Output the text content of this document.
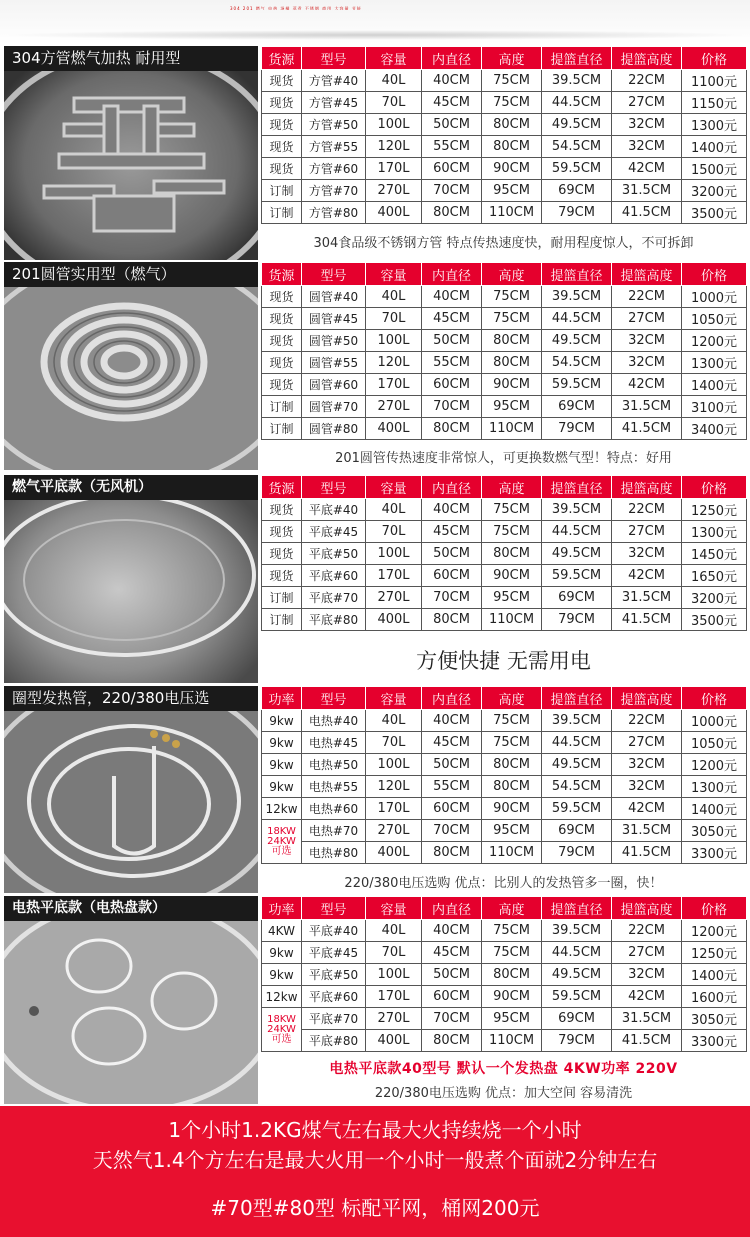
304 201 燃气 电热 汤桶 蒸煮 不锈钢 商用 大容量 节能
304方管燃气加热 耐用型	货源	型号	容量	内直径	高度	提篮直径	提篮高度	价格
现货	方管#40	40L	40CM	75CM	39.5CM	22CM	1100元
现货	方管#45	70L	45CM	75CM	44.5CM	27CM	1150元
现货	方管#50	100L	50CM	80CM	49.5CM	32CM	1300元
现货	方管#55	120L	55CM	80CM	54.5CM	32CM	1400元
现货	方管#60	170L	60CM	90CM	59.5CM	42CM	1500元
订制	方管#70	270L	70CM	95CM	69CM	31.5CM	3200元
订制	方管#80	400L	80CM	110CM	79CM	41.5CM	3500元
304食品级不锈钢方管 特点传热速度快，耐用程度惊人，不可拆卸
201圆管实用型（燃气）	货源	型号	容量	内直径	高度	提篮直径	提篮高度	价格
现货	圆管#40	40L	40CM	75CM	39.5CM	22CM	1000元
现货	圆管#45	70L	45CM	75CM	44.5CM	27CM	1050元
现货	圆管#50	100L	50CM	80CM	49.5CM	32CM	1200元
现货	圆管#55	120L	55CM	80CM	54.5CM	32CM	1300元
现货	圆管#60	170L	60CM	90CM	59.5CM	42CM	1400元
订制	圆管#70	270L	70CM	95CM	69CM	31.5CM	3100元
订制	圆管#80	400L	80CM	110CM	79CM	41.5CM	3400元
201圆管传热速度非常惊人，可更换数燃气型！特点：好用
燃气平底款（无风机）	货源	型号	容量	内直径	高度	提篮直径	提篮高度	价格
现货	平底#40	40L	40CM	75CM	39.5CM	22CM	1250元
现货	平底#45	70L	45CM	75CM	44.5CM	27CM	1300元
现货	平底#50	100L	50CM	80CM	49.5CM	32CM	1450元
现货	平底#60	170L	60CM	90CM	59.5CM	42CM	1650元
订制	平底#70	270L	70CM	95CM	69CM	31.5CM	3200元
订制	平底#80	400L	80CM	110CM	79CM	41.5CM	3500元
方便快捷 无需用电
圈型发热管，220/380电压选	功率	型号	容量	内直径	高度	提篮直径	提篮高度	价格
9kw	电热#40	40L	40CM	75CM	39.5CM	22CM	1000元
9kw	电热#45	70L	45CM	75CM	44.5CM	27CM	1050元
9kw	电热#50	100L	50CM	80CM	49.5CM	32CM	1200元
9kw	电热#55	120L	55CM	80CM	54.5CM	32CM	1300元
12kw	电热#60	170L	60CM	90CM	59.5CM	42CM	1400元

18KW
24KW
可选	电热#70	270L	70CM	95CM	69CM	31.5CM	3050元
	电热#80	400L	80CM	110CM	79CM	41.5CM	3300元
220/380电压选购 优点：比别人的发热管多一圈，快！
电热平底款（电热盘款）	功率	型号	容量	内直径	高度	提篮直径	提篮高度	价格
4KW	平底#40	40L	40CM	75CM	39.5CM	22CM	1200元
9kw	平底#45	70L	45CM	75CM	44.5CM	27CM	1250元
9kw	平底#50	100L	50CM	80CM	49.5CM	32CM	1400元
12kw	平底#60	170L	60CM	90CM	59.5CM	42CM	1600元

18KW
24KW
可选	平底#70	270L	70CM	95CM	69CM	31.5CM	3050元
	平底#80	400L	80CM	110CM	79CM	41.5CM	3300元
电热平底款40型号 默认一个发热盘 4KW功率 220V
220/380电压选购 优点：加大空间 容易清洗
1个小时1.2KG煤气左右最大火持续烧一个小时
天然气1.4个方左右是最大火用一个小时一般煮个面就2分钟左右
#70型#80型 标配平网，桶网200元
